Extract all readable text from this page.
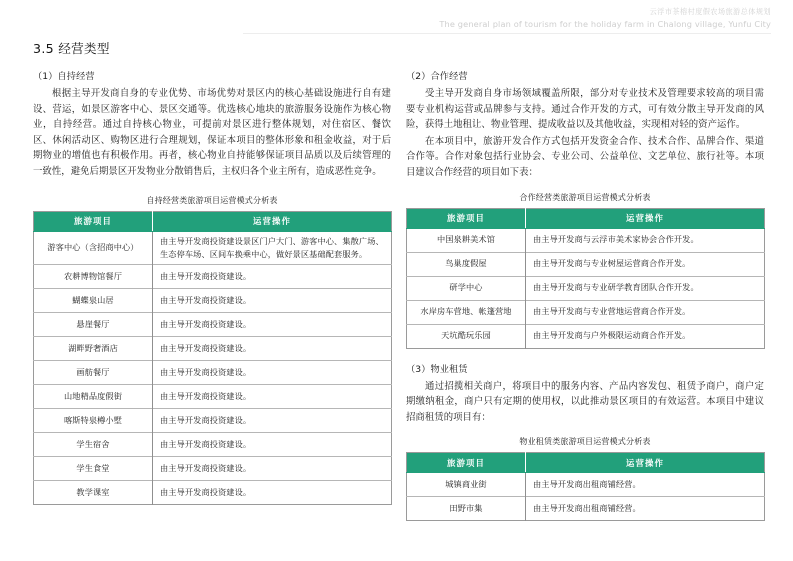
云浮市茶榕村度假农场旅游总体规划
The general plan of tourism for the holiday farm in Chalong village, Yunfu City
3.5 经营类型
（1）自持经营

根据主导开发商自身的专业优势、市场优势对景区内的核心基础设施进行自有建设、营运，如景区游客中心、景区交通等。优选核心地块的旅游服务设施作为核心物业，自持经营。通过自持核心物业，可提前对景区进行整体规划，对住宿区、餐饮区、休闲活动区、购物区进行合理规划，保证本项目的整体形象和租金收益，对于后期物业的增值也有积极作用。再者，核心物业自持能够保证项目品质以及后续管理的一致性，避免后期景区开发物业分散销售后，主权归各个业主所有，造成恶性竞争。

自持经营类旅游项目运营模式分析表
旅游项目	运营操作
游客中心（含招商中心）	由主导开发商投资建设景区门户大门、游客中心、集散广场、生态停车场、区间车换乘中心，做好景区基础配套服务。
农耕博物馆餐厅	由主导开发商投资建设。
蝴蝶泉山居	由主导开发商投资建设。
悬崖餐厅	由主导开发商投资建设。
湖畔野奢酒店	由主导开发商投资建设。
画舫餐厅	由主导开发商投资建设。
山地精品度假街	由主导开发商投资建设。
喀斯特泉樽小墅	由主导开发商投资建设。
学生宿舍	由主导开发商投资建设。
学生食堂	由主导开发商投资建设。
教学课室	由主导开发商投资建设。
（2）合作经营

受主导开发商自身市场领域覆盖所限，部分对专业技术及管理要求较高的项目需要专业机构运营或品牌参与支持。通过合作开发的方式，可有效分散主导开发商的风险，获得土地租让、物业管理、提成收益以及其他收益，实现相对轻的资产运作。

在本项目中，旅游开发合作方式包括开发资金合作、技术合作、品牌合作、渠道合作等。合作对象包括行业协会、专业公司、公益单位、文艺单位、旅行社等。本项目建议合作经营的项目如下表：

合作经营类旅游项目运营模式分析表
旅游项目	运营操作
中国泉耕美术馆	由主导开发商与云浮市美术家协会合作开发。
鸟巢度假屋	由主导开发商与专业树屋运营商合作开发。
研学中心	由主导开发商与专业研学教育团队合作开发。
水岸房车营地、帐篷营地	由主导开发商与专业营地运营商合作开发。
天坑酷玩乐园	由主导开发商与户外极限运动商合作开发。
（3）物业租赁

通过招揽相关商户，将项目中的服务内容、产品内容发包、租赁予商户，商户定期缴纳租金，商户只有定期的使用权，以此推动景区项目的有效运营。本项目中建议招商租赁的项目有：

物业租赁类旅游项目运营模式分析表
旅游项目	运营操作
城镇商业街	由主导开发商出租商铺经营。
田野市集	由主导开发商出租商铺经营。
